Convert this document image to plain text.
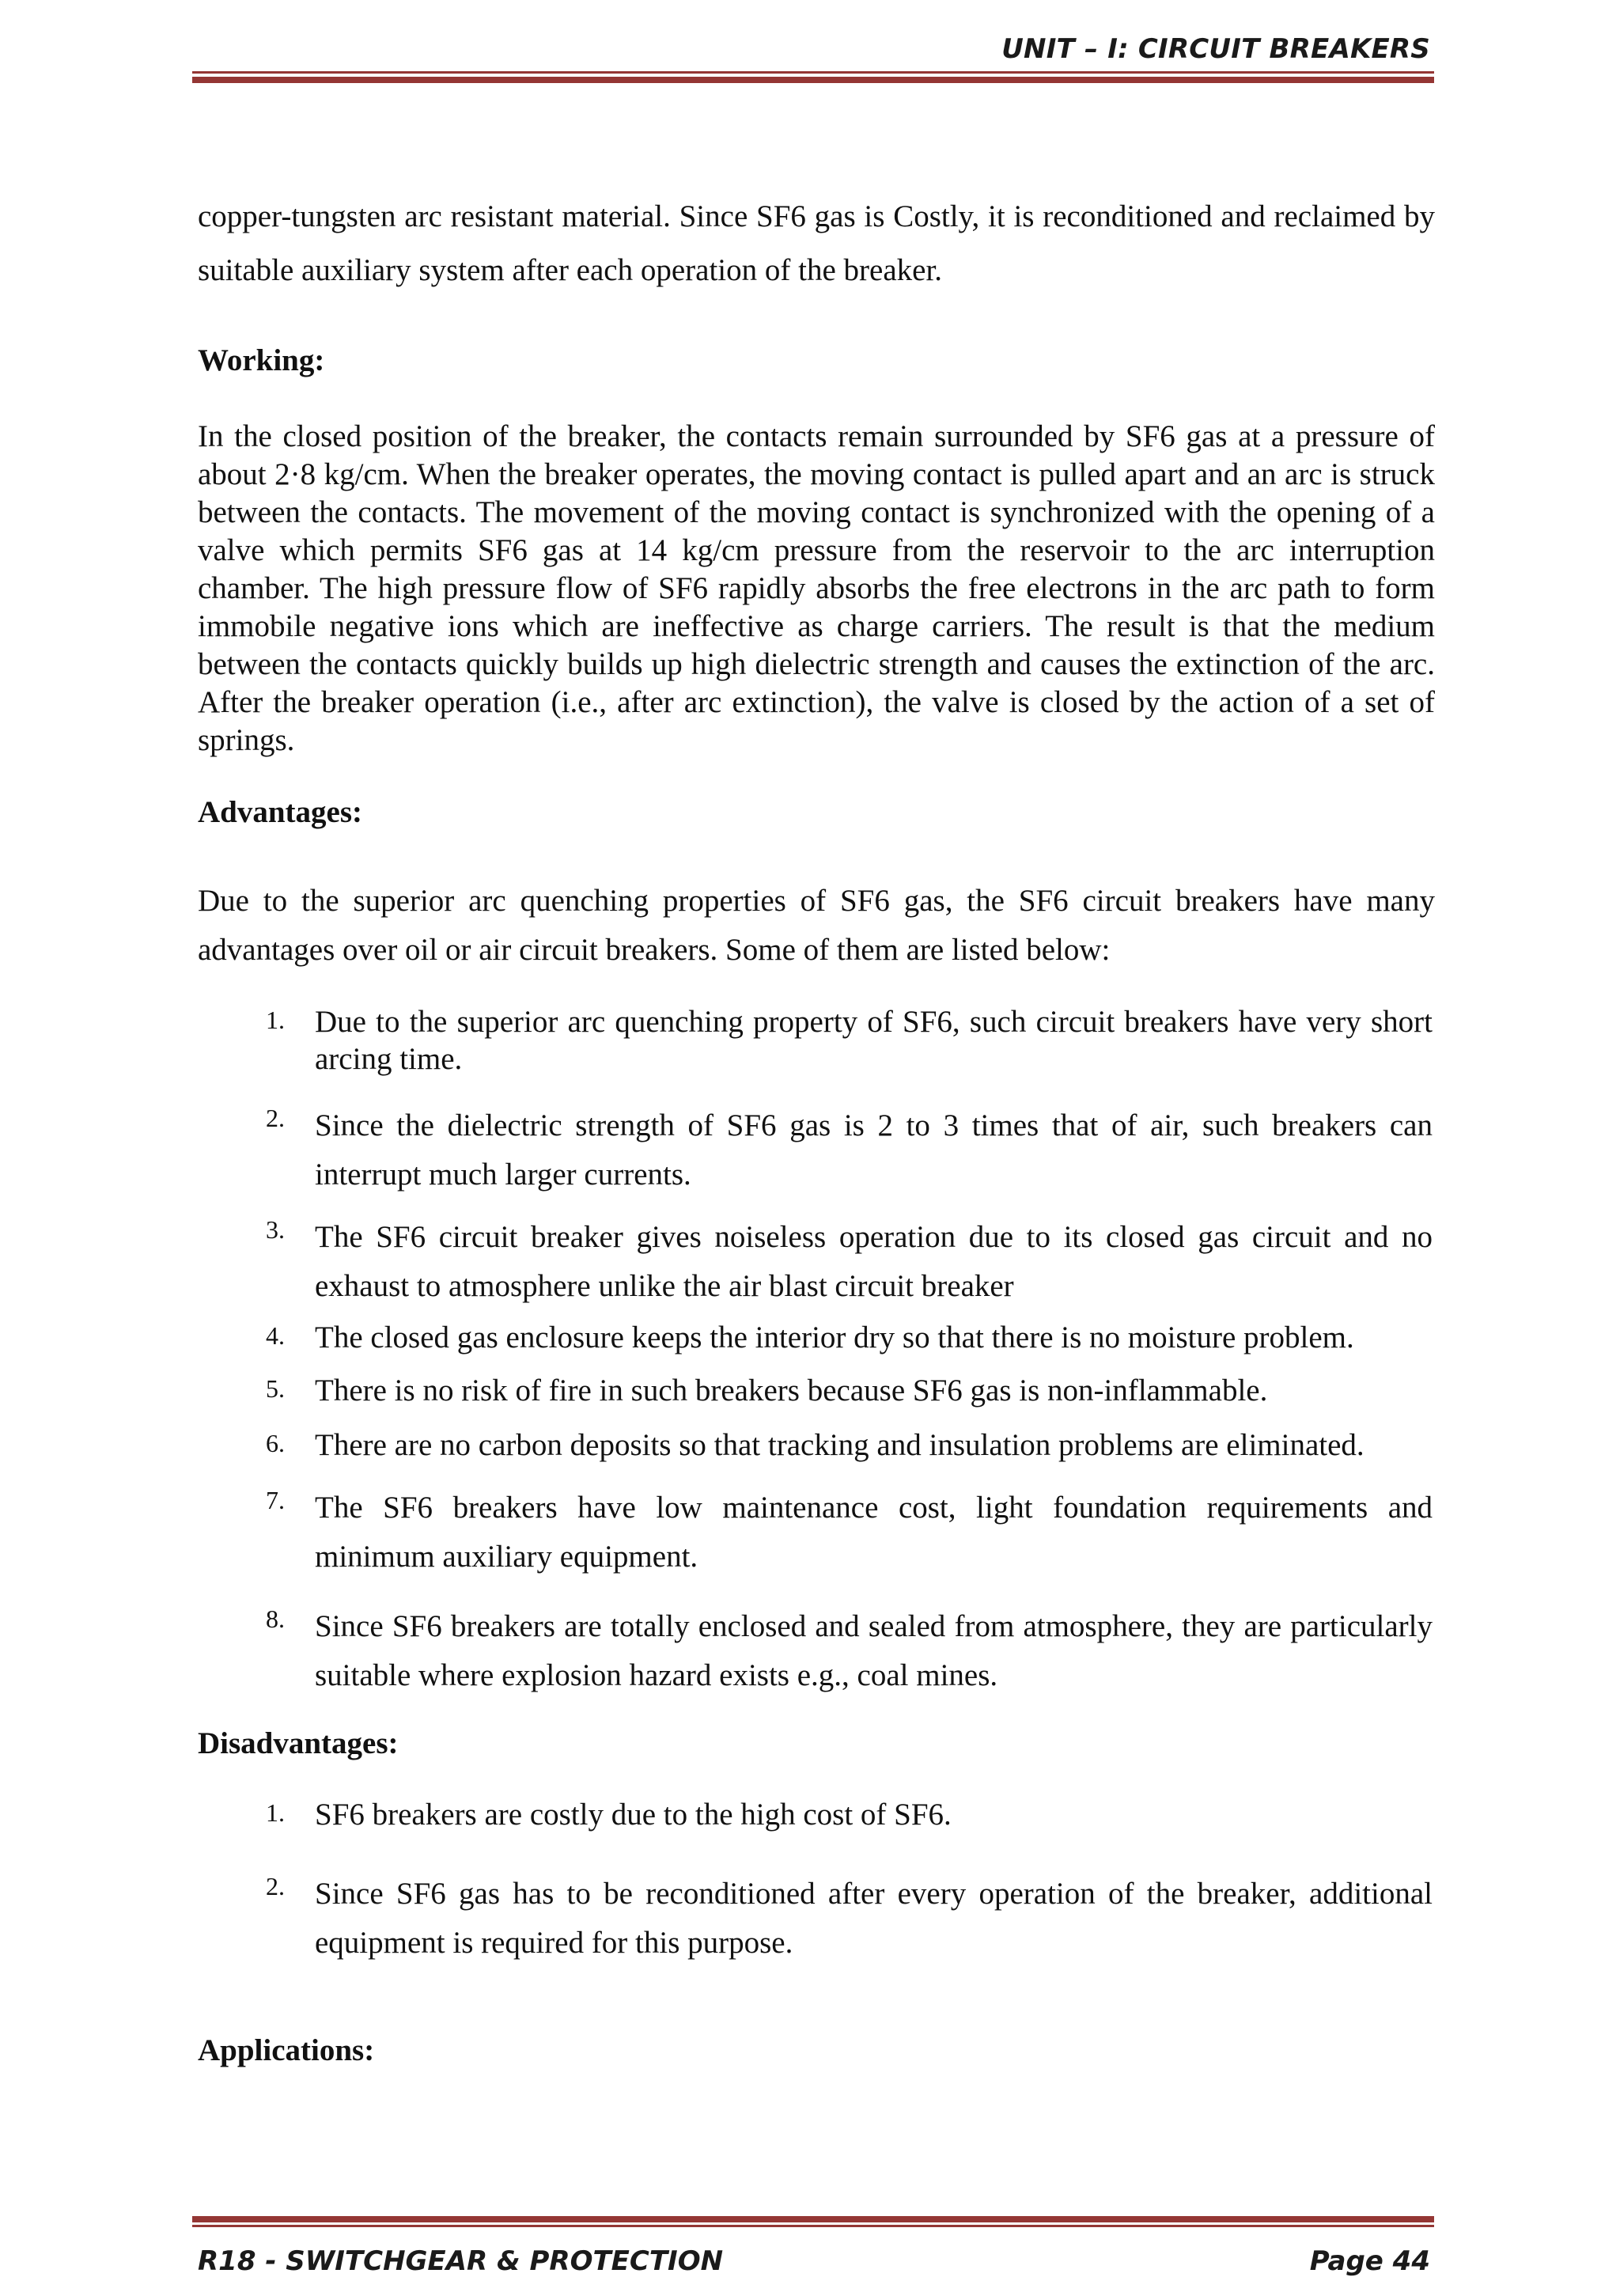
UNIT – I: CIRCUIT BREAKERS

copper-tungsten arc resistant material. Since SF6 gas is Costly, it is reconditioned and reclaimed by suitable auxiliary system after each operation of the breaker.

Working:

In the closed position of the breaker, the contacts remain surrounded by SF6 gas at a pressure of about 2·8 kg/cm. When the breaker operates, the moving contact is pulled apart and an arc is struck between the contacts. The movement of the moving contact is synchronized with the opening of a valve which permits SF6 gas at 14 kg/cm pressure from the reservoir to the arc interruption chamber. The high pressure flow of SF6 rapidly absorbs the free electrons in the arc path to form immobile negative ions which are ineffective as charge carriers. The result is that the medium between the contacts quickly builds up high dielectric strength and causes the extinction of the arc. After the breaker operation (i.e., after arc extinction), the valve is closed by the action of a set of springs.

Advantages:

Due to the superior arc quenching properties of SF6 gas, the SF6 circuit breakers have many advantages over oil or air circuit breakers. Some of them are listed below:

1. Due to the superior arc quenching property of SF6, such circuit breakers have very short arcing time.
2. Since the dielectric strength of SF6 gas is 2 to 3 times that of air, such breakers can interrupt much larger currents.
3. The SF6 circuit breaker gives noiseless operation due to its closed gas circuit and no exhaust to atmosphere unlike the air blast circuit breaker
4. The closed gas enclosure keeps the interior dry so that there is no moisture problem.
5. There is no risk of fire in such breakers because SF6 gas is non-inflammable.
6. There are no carbon deposits so that tracking and insulation problems are eliminated.
7. The SF6 breakers have low maintenance cost, light foundation requirements and minimum auxiliary equipment.
8. Since SF6 breakers are totally enclosed and sealed from atmosphere, they are particularly suitable where explosion hazard exists e.g., coal mines.
Disadvantages:
1. SF6 breakers are costly due to the high cost of SF6.
2. Since SF6 gas has to be reconditioned after every operation of the breaker, additional equipment is required for this purpose.
Applications:
R18 - SWITCHGEAR & PROTECTION	Page 44
